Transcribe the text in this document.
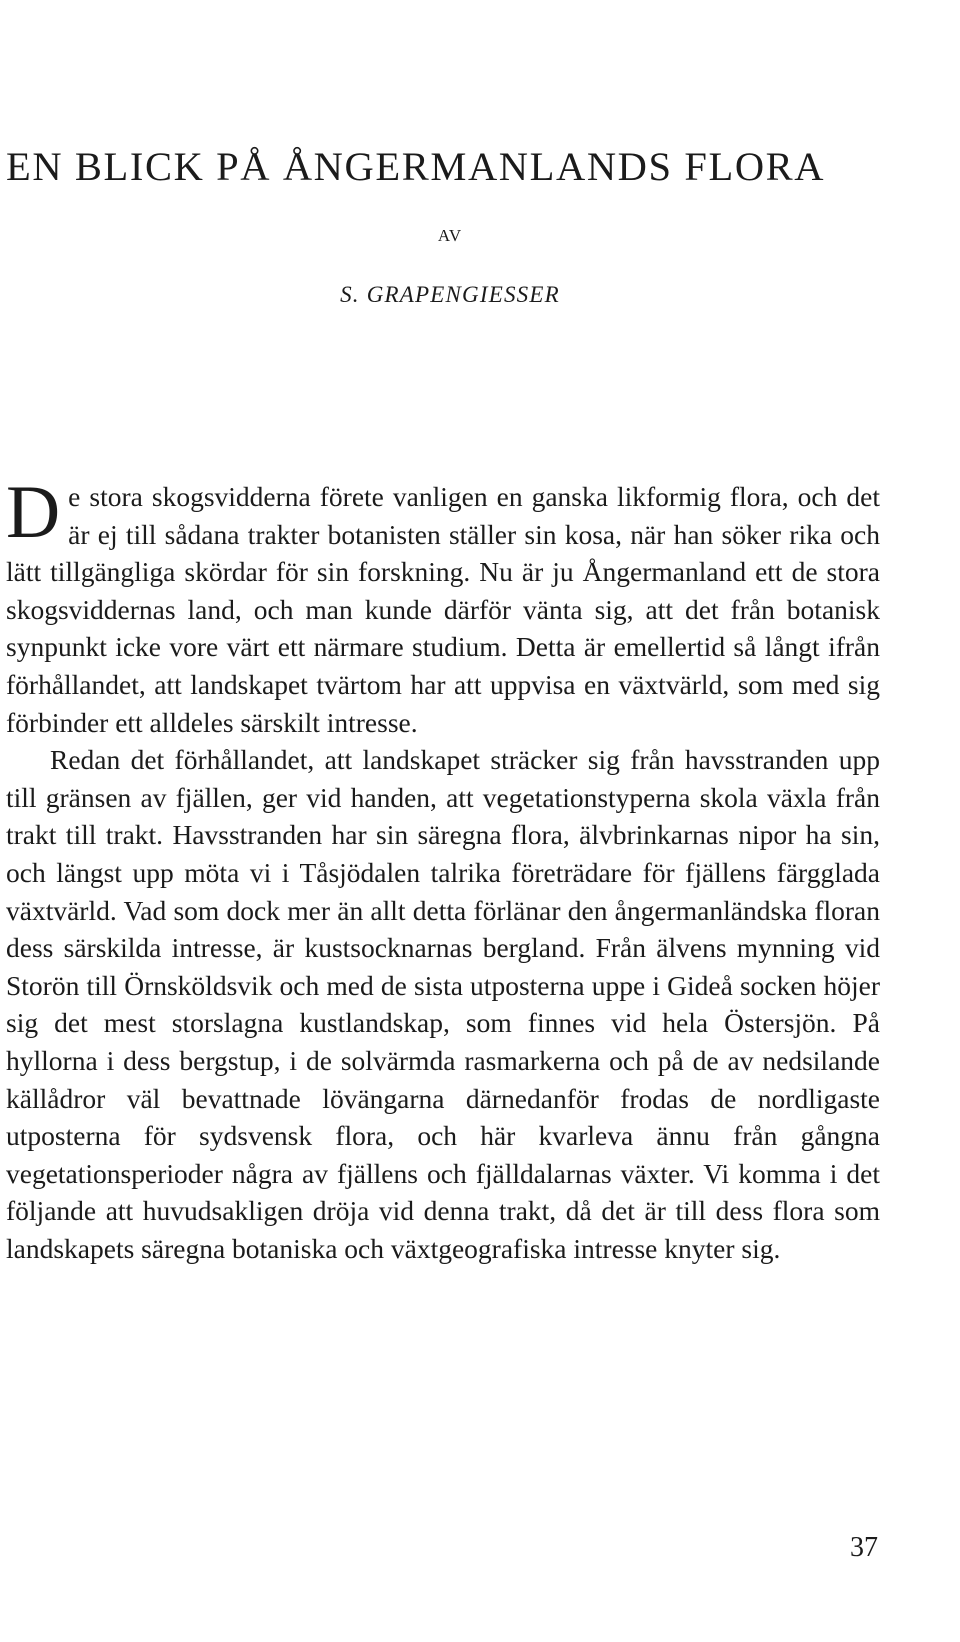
EN BLICK PÅ ÅNGERMANLANDS FLORA
AV
S. GRAPENGIESSER

De stora skogsvidderna förete vanligen en ganska likformig flora, och det är ej till sådana trakter botanisten ställer sin kosa, när han söker rika och lätt tillgängliga skördar för sin forskning. Nu är ju Ångermanland ett de stora skogsviddernas land, och man kunde därför vänta sig, att det från botanisk synpunkt icke vore värt ett närmare studium. Detta är emellertid så långt ifrån förhållandet, att landskapet tvärtom har att uppvisa en växtvärld, som med sig förbinder ett alldeles särskilt intresse.

Redan det förhållandet, att landskapet sträcker sig från havsstranden upp till gränsen av fjällen, ger vid handen, att vegetationstyperna skola växla från trakt till trakt. Havsstranden har sin säregna flora, älvbrinkarnas nipor ha sin, och längst upp möta vi i Tåsjödalen talrika företrädare för fjällens färgglada växtvärld. Vad som dock mer än allt detta förlänar den ångermanländska floran dess särskilda intresse, är kustsocknarnas bergland. Från älvens mynning vid Storön till Örnsköldsvik och med de sista utposterna uppe i Gideå socken höjer sig det mest storslagna kustlandskap, som finnes vid hela Östersjön. På hyllorna i dess bergstup, i de solvärmda rasmarkerna och på de av nedsilande källådror väl bevattnade lövängarna därnedanför frodas de nordligaste utposterna för sydsvensk flora, och här kvarleva ännu från gångna vegetationsperioder några av fjällens och fjälldalarnas växter. Vi komma i det följande att huvudsakligen dröja vid denna trakt, då det är till dess flora som landskapets säregna botaniska och växtgeografiska intresse knyter sig.

37
